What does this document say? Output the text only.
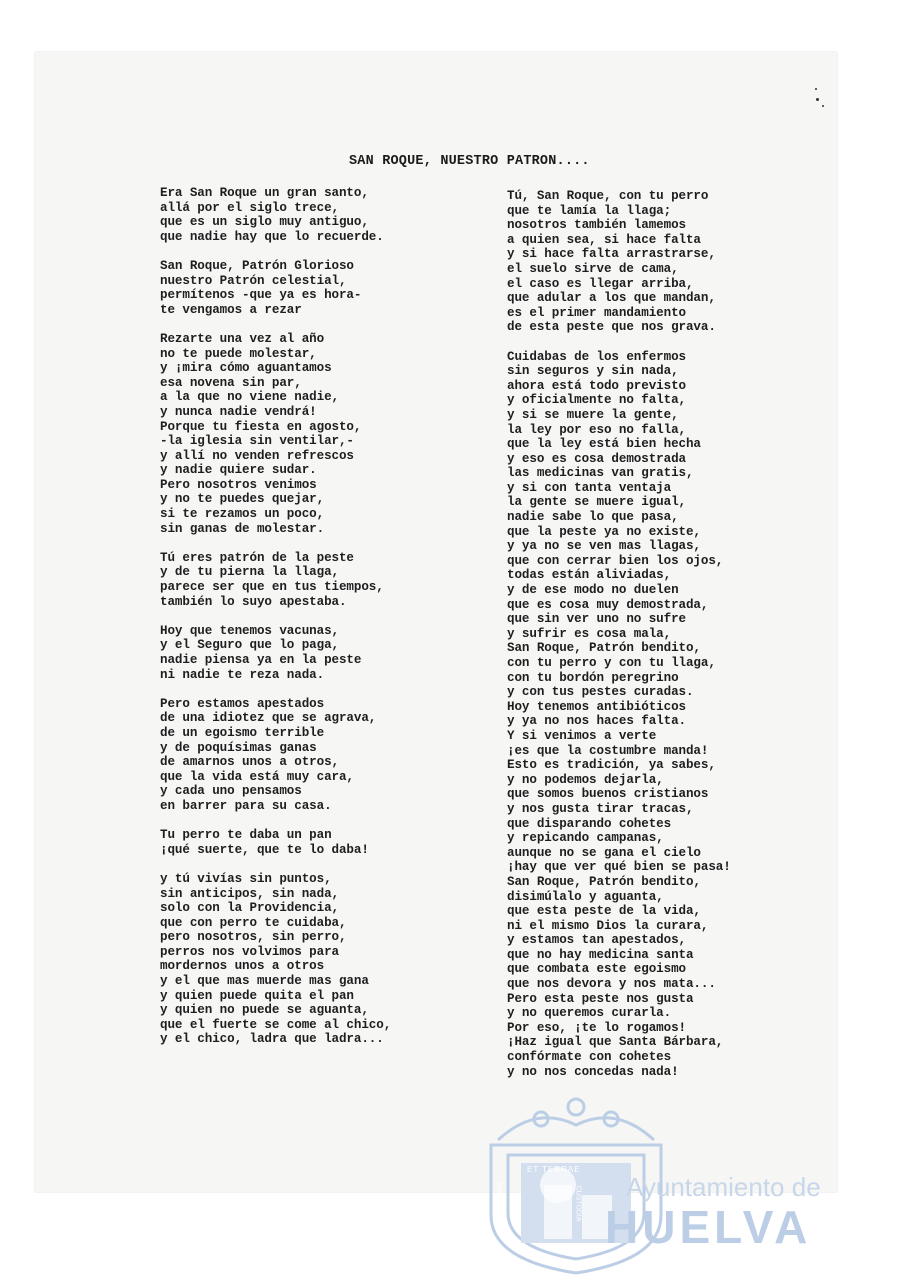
SAN ROQUE, NUESTRO PATRON....
Era San Roque un gran santo,
allá por el siglo trece,
que es un siglo muy antiguo,
que nadie hay que lo recuerde.
San Roque, Patrón Glorioso
nuestro Patrón celestial,
permítenos -que ya es hora-
te vengamos a rezar
Rezarte una vez al año
no te puede molestar,
y ¡mira cómo aguantamos
esa novena sin par,
a la que no viene nadie,
y nunca nadie vendrá!
Porque tu fiesta en agosto,
-la iglesia sin ventilar,-
y allí no venden refrescos
y nadie quiere sudar.
Pero nosotros venimos
y no te puedes quejar,
si te rezamos un poco,
sin ganas de molestar.
Tú eres patrón de la peste
y de tu pierna la llaga,
parece ser que en tus tiempos,
también lo suyo apestaba.
Hoy que tenemos vacunas,
y el Seguro que lo paga,
nadie piensa ya en la peste
ni nadie te reza nada.
Pero estamos apestados
de una idiotez que se agrava,
de un egoismo terrible
y de poquísimas ganas
de amarnos unos a otros,
que la vida está muy cara,
y cada uno pensamos
en barrer para su casa.
Tu perro te daba un pan
¡qué suerte, que te lo daba!
y tú vivías sin puntos,
sin anticipos, sin nada,
solo con la Providencia,
que con perro te cuidaba,
pero nosotros, sin perro,
perros nos volvimos para
mordernos unos a otros
y el que mas muerde mas gana
y quien puede quita el pan
y quien no puede se aguanta,
que el fuerte se come al chico,
y el chico, ladra que ladra...
Tú, San Roque, con tu perro
que te lamía la llaga;
nosotros también lamemos
a quien sea, si hace falta
y si hace falta arrastrarse,
el suelo sirve de cama,
el caso es llegar arriba,
que adular a los que mandan,
es el primer mandamiento
de esta peste que nos grava.
Cuidabas de los enfermos
sin seguros y sin nada,
ahora está todo previsto
y oficialmente no falta,
y si se muere la gente,
la ley por eso no falla,
que la ley está bien hecha
y eso es cosa demostrada
las medicinas van gratis,
y si con tanta ventaja
la gente se muere igual,
nadie sabe lo que pasa,
que la peste ya no existe,
y ya no se ven mas llagas,
que con cerrar bien los ojos,
todas están aliviadas,
y de ese modo no duelen
que es cosa muy demostrada,
que sin ver uno no sufre
y sufrir es cosa mala,
San Roque, Patrón bendito,
con tu perro y con tu llaga,
con tu bordón peregrino
y con tus pestes curadas.
Hoy tenemos antibióticos
y ya no nos haces falta.
Y si venimos a verte
¡es que la costumbre manda!
Esto es tradición, ya sabes,
y no podemos dejarla,
que somos buenos cristianos
y nos gusta tirar tracas,
que disparando cohetes
y repicando campanas,
aunque no se gana el cielo
¡hay que ver qué bien se pasa!
San Roque, Patrón bendito,
disimúlalo y aguanta,
que esta peste de la vida,
ni el mismo Dios la curara,
y estamos tan apestados,
que no hay medicina santa
que combata este egoismo
que nos devora y nos mata...
Pero esta peste nos gusta
y no queremos curarla.
Por eso, ¡te lo rogamos!
¡Haz igual que Santa Bárbara,
confórmate con cohetes
y no nos concedas nada!
ET TERRAE
PORTUS MARIS	CUSTODIA Ayuntamiento de
HUELVA
